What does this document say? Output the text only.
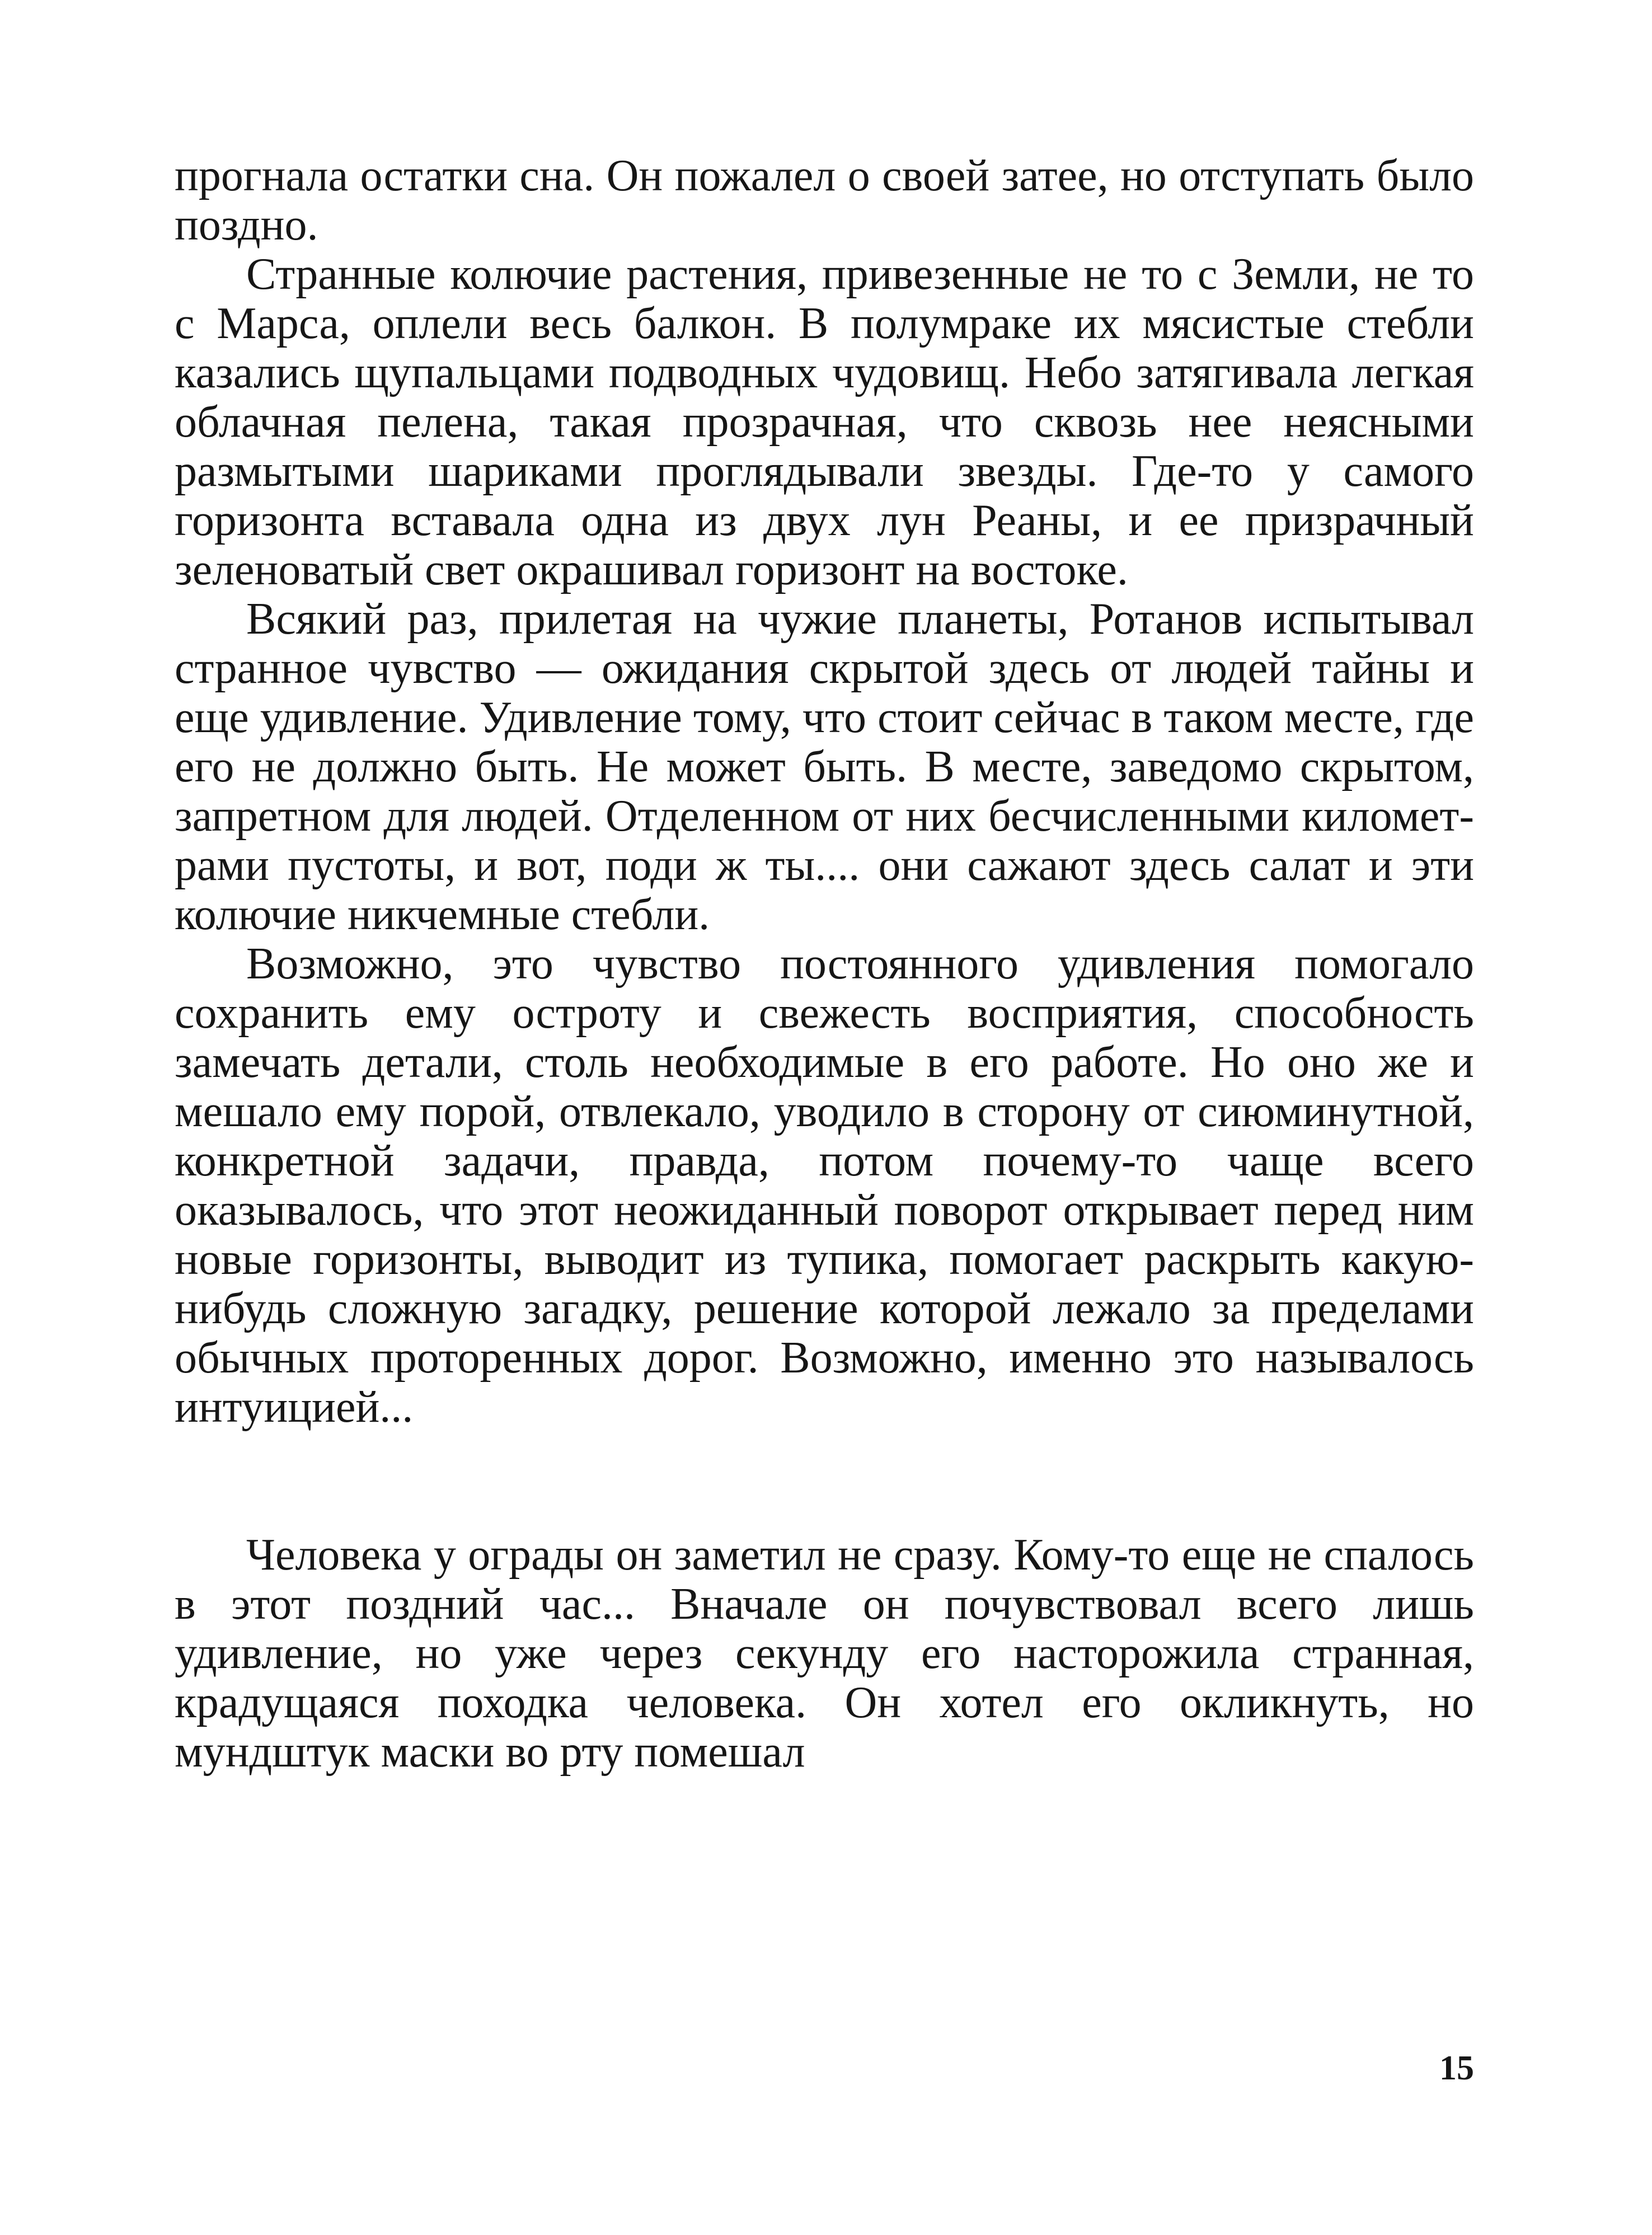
прогнала остатки сна. Он пожалел о своей затее, но отступать было поздно.

Странные колючие растения, привезенные не то с Земли, не то с Марса, оплели весь балкон. В полумраке их мясистые стебли казались щупальцами подводных чудовищ. Небо затягивала легкая облачная пелена, такая прозрачная, что сквозь нее неясными размытыми шариками проглядывали звезды. Где-то у самого горизонта вставала одна из двух лун Реаны, и ее призрачный зеленоватый свет окрашивал горизонт на востоке.

Всякий раз, прилетая на чужие планеты, Ротанов испытывал странное чувство — ожидания скрытой здесь от людей тайны и еще удивление. Удивление тому, что стоит сейчас в таком месте, где его не должно быть. Не может быть. В месте, заведомо скрытом, запретном для людей. Отделенном от них бесчисленными километрами пустоты, и вот, поди ж ты.... они сажают здесь салат и эти колючие никчемные стебли.

Возможно, это чувство постоянного удивления помогало сохранить ему остроту и свежесть восприятия, способность замечать детали, столь необходимые в его работе. Но оно же и мешало ему порой, отвлекало, уводило в сторону от сиюминутной, конкретной задачи, правда, потом почему-то чаще всего оказывалось, что этот неожиданный поворот открывает перед ним новые горизонты, выводит из тупика, помогает раскрыть какую-нибудь сложную загадку, решение которой лежало за пределами обычных проторенных дорог. Возможно, именно это называлось интуицией...

Человека у ограды он заметил не сразу. Кому-то еще не спалось в этот поздний час... Вначале он почувствовал всего лишь удивление, но уже через секунду его насторожила странная, крадущаяся походка человека. Он хотел его окликнуть, но мундштук маски во рту помешал

15
